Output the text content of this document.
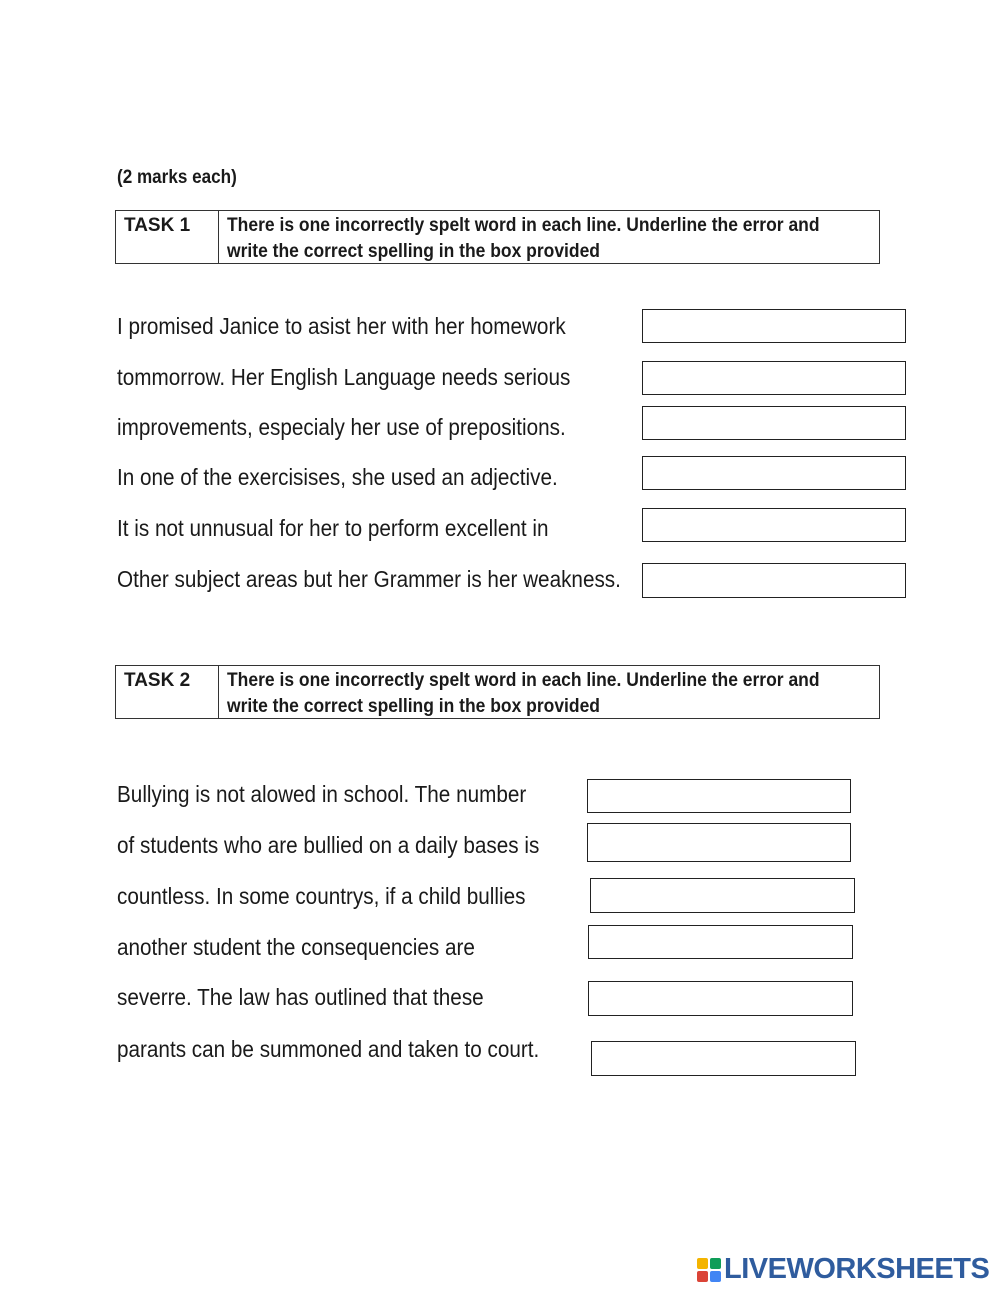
(2 marks each)
TASK 1	There is one incorrectly spelt word in each line. Underline the error and
write the correct spelling in the box provided
I promised Janice to asist her with her homework
tommorrow. Her English Language needs serious
improvements, especialy her use of prepositions.
In one of the exercisises, she used an adjective.
It is not unnusual for her to perform excellent in
Other subject areas but her Grammer is her weakness.
TASK 2	There is one incorrectly spelt word in each line. Underline the error and
write the correct spelling in the box provided
Bullying is not alowed in school. The number
of students who are bullied on a daily bases is
countless. In some countrys, if a child bullies
another student the consequencies are
severre. The law has outlined that these
parants can be summoned and taken to court.
LIVEWORKSHEETS
